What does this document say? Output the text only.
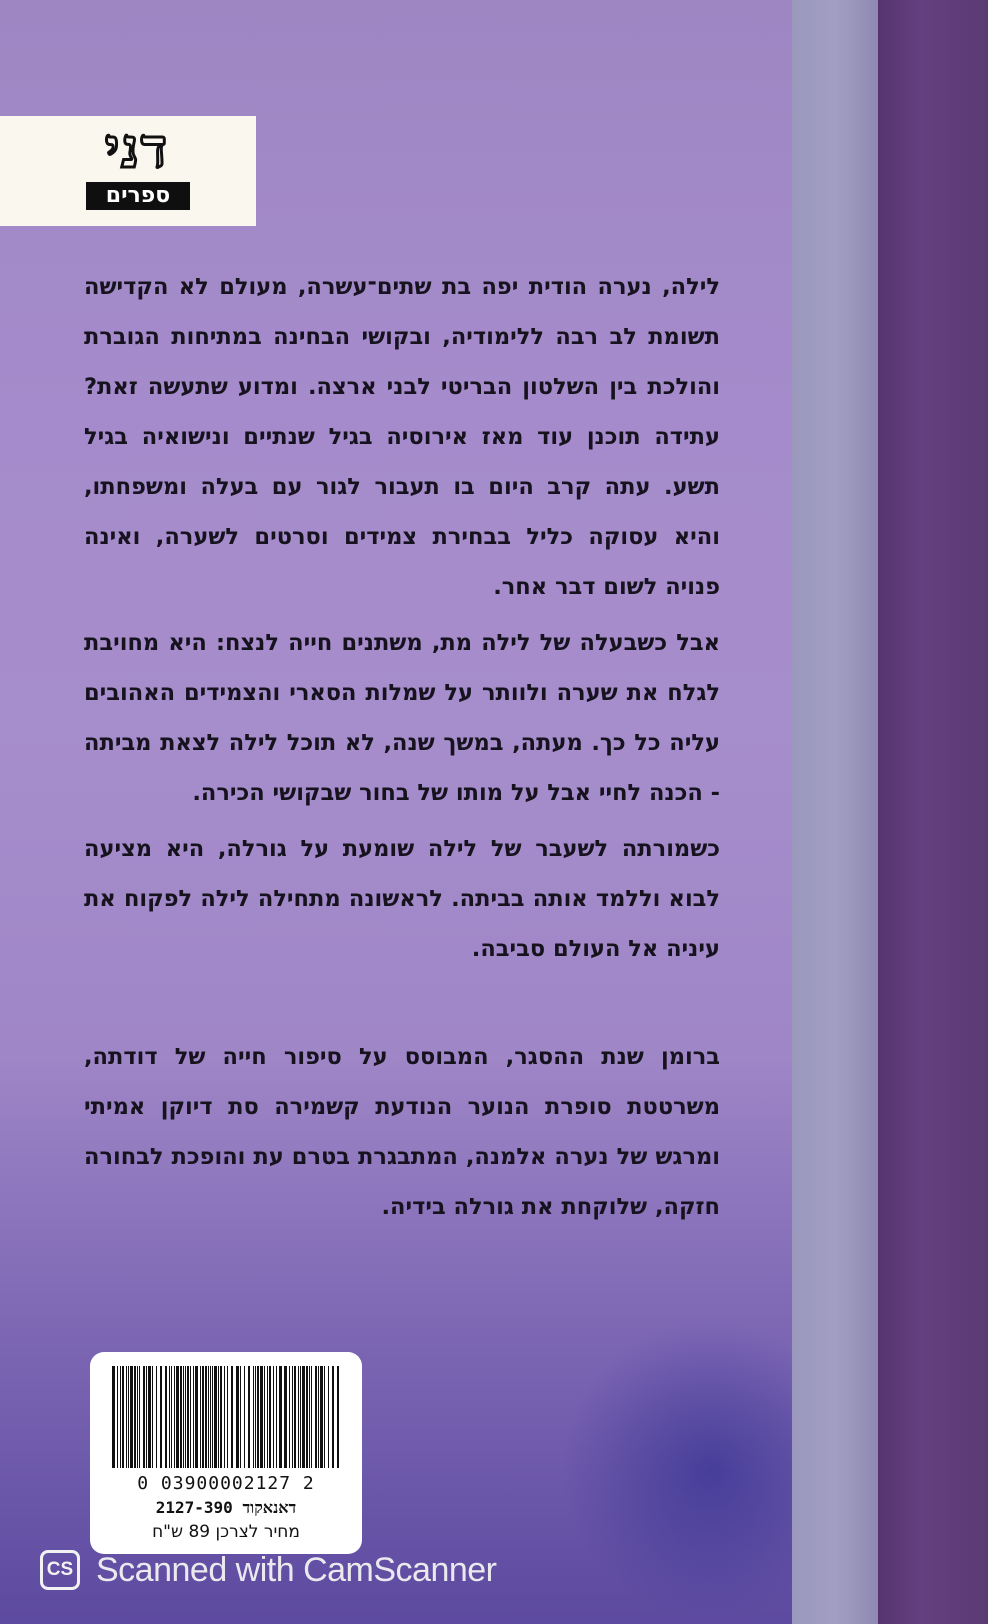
דני
ספרים

לילה, נערה הודית יפה בת שתים־עשרה, מעולם לא הקדישה תשומת לב רבה ללימודיה, ובקושי הבחינה במתיחות הגוברת והולכת בין השלטון הבריטי לבני ארצה. ומדוע שתעשה זאת? עתידה תוכנן עוד מאז אירוסיה בגיל שנתיים ונישואיה בגיל תשע. עתה קרב היום בו תעבור לגור עם בעלה ומשפחתו, והיא עסוקה כליל בבחירת צמידים וסרטים לשערה, ואינה פנויה לשום דבר אחר.

אבל כשבעלה של לילה מת, משתנים חייה לנצח: היא מחויבת לגלח את שערה ולוותר על שמלות הסארי והצמידים האהובים עליה כל כך. מעתה, במשך שנה, לא תוכל לילה לצאת מביתה - הכנה לחיי אבל על מותו של בחור שבקושי הכירה.

כשמורתה לשעבר של לילה שומעת על גורלה, היא מציעה לבוא וללמד אותה בביתה. לראשונה מתחילה לילה לפקוח את עיניה אל העולם סביבה.

ברומן שנת ההסגר, המבוסס על סיפור חייה של דודתה, משרטטת סופרת הנוער הנודעת קשמירה סת דיוקן אמיתי ומרגש של נערה אלמנה, המתבגרת בטרם עת והופכת לבחורה חזקה, שלוקחת את גורלה בידיה.

0 03900002127 2
דאנאקוד 2127-390
מחיר לצרכן 89 ש"ח
CS Scanned with CamScanner
